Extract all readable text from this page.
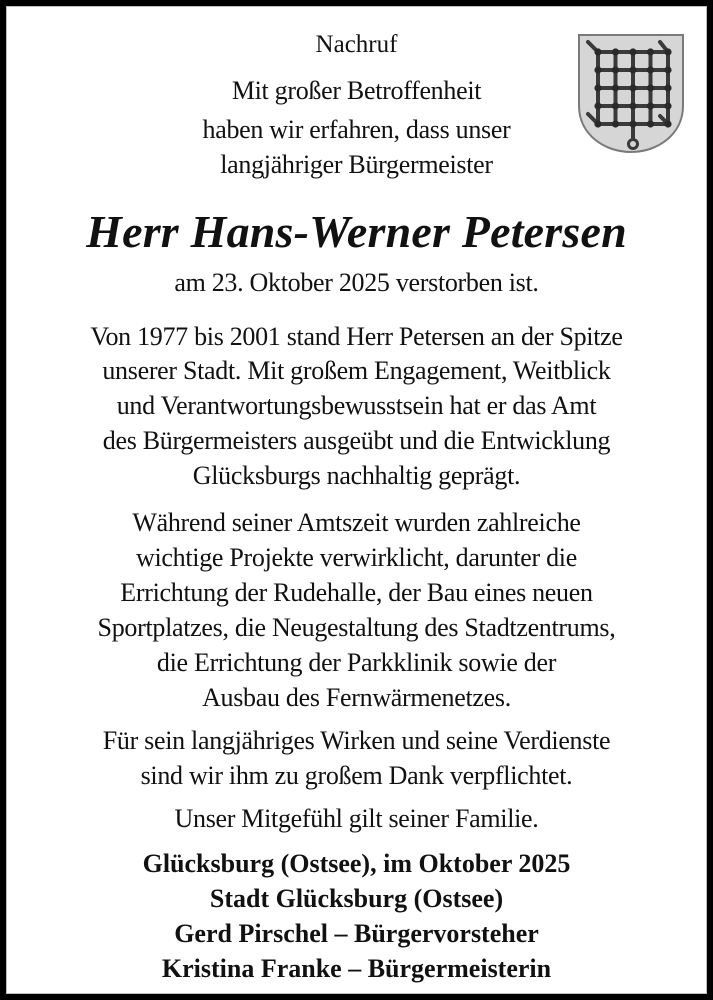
Nachruf
Mit großer Betroffenheit
haben wir erfahren, dass unser
langjähriger Bürgermeister
Herr Hans-Werner Petersen
am 23. Oktober 2025 verstorben ist.
Von 1977 bis 2001 stand Herr Petersen an der Spitze
unserer Stadt. Mit großem Engagement, Weitblick
und Verantwortungsbewusstsein hat er das Amt
des Bürgermeisters ausgeübt und die Entwicklung
Glücksburgs nachhaltig geprägt.
Während seiner Amtszeit wurden zahlreiche
wichtige Projekte verwirklicht, darunter die
Errichtung der Rudehalle, der Bau eines neuen
Sportplatzes, die Neugestaltung des Stadtzentrums,
die Errichtung der Parkklinik sowie der
Ausbau des Fernwärmenetzes.
Für sein langjähriges Wirken und seine Verdienste
sind wir ihm zu großem Dank verpflichtet.
Unser Mitgefühl gilt seiner Familie.
Glücksburg (Ostsee), im Oktober 2025
Stadt Glücksburg (Ostsee)
Gerd Pirschel – Bürgervorsteher
Kristina Franke – Bürgermeisterin
